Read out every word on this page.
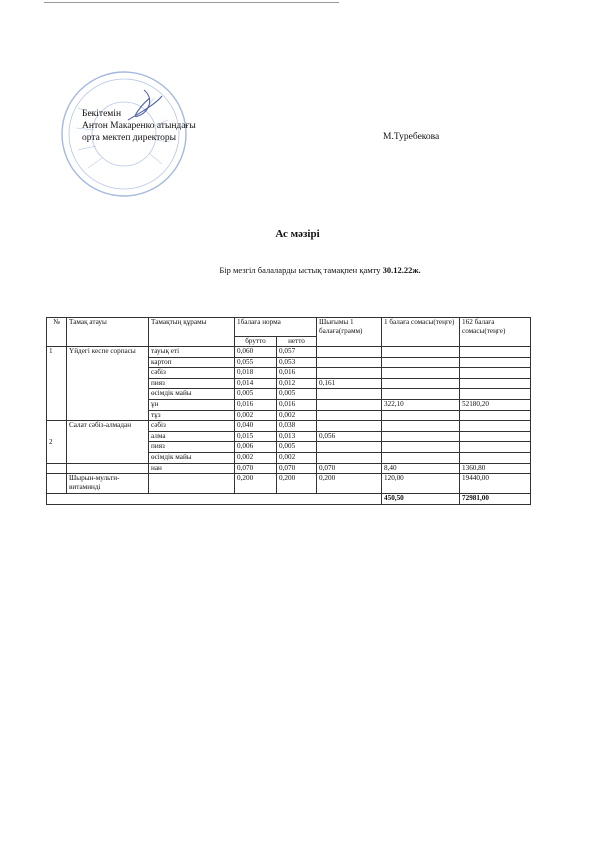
Бекітемін
Антон Макаренко атындағы
орта мектеп директоры	М.Туребекова
Ас мәзірі
Бір мезгіл балаларды ыстық тамақпен қамту 30.12.22ж.
№	Тамақ атауы	Тамақтың құрамы	1балаға норма		Шығымы 1 балаға(грамм)	1 балаға сомасы(теңге)	162 балаға сомасы(теңге)
			брутто	нетто			
1	Үйдегі кеспе сорпасы	тауық еті	0,060	0,057			
		картоп	0,055	0,053			
		сәбіз	0,018	0,016			
		пияз	0,014	0,012	0,161		
		өсімдік майы	0,005	0,005			
		ұн	0,016	0,016		322,10	52180,20
		тұз	0,002	0,002			
2	Салат сәбіз-алмадан	сәбіз	0,040	0,038			
		алма	0,015	0,013	0,056		
		пияз	0,006	0,005			
		өсімдік майы	0,002	0,002			
		нан	0,070	0,070	0,070	8,40	1360,80
	Шырын-мульти-витаминді		0,200	0,200	0,200	120,00	19440,00
						450,50	72981,00
